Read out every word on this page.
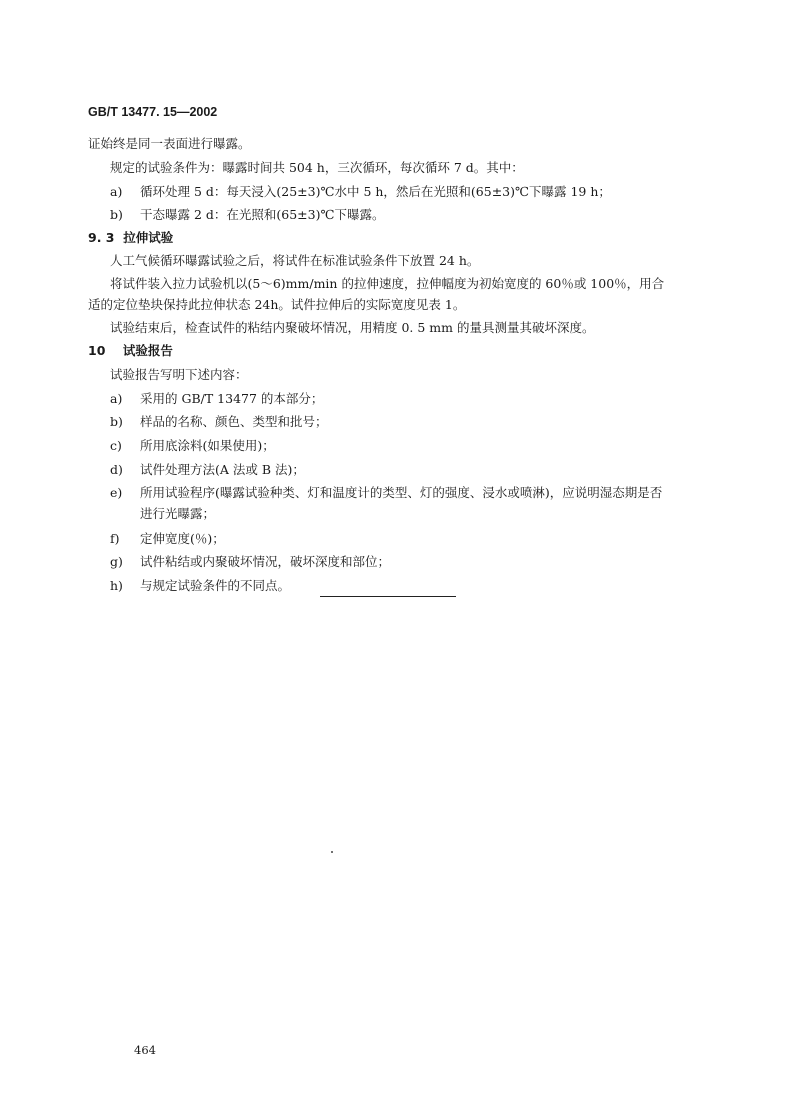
GB/T 13477. 15—2002
证始终是同一表面进行曝露。
规定的试验条件为：曝露时间共 504 h，三次循环，每次循环 7 d。其中：
a) 循环处理 5 d：每天浸入(25±3)℃水中 5 h，然后在光照和(65±3)℃下曝露 19 h；
b) 干态曝露 2 d：在光照和(65±3)℃下曝露。
9. 3 拉伸试验
人工气候循环曝露试验之后，将试件在标准试验条件下放置 24 h。
将试件装入拉力试验机以(5～6)mm/min 的拉伸速度，拉伸幅度为初始宽度的 60％或 100％，用合
适的定位垫块保持此拉伸状态 24h。试件拉伸后的实际宽度见表 1。
试验结束后，检查试件的粘结内聚破坏情况，用精度 0. 5 mm 的量具测量其破坏深度。
10 试验报告
试验报告写明下述内容：
a) 采用的 GB/T 13477 的本部分；
b) 样品的名称、颜色、类型和批号；
c) 所用底涂料(如果使用)；
d) 试件处理方法(A 法或 B 法)；
e) 所用试验程序(曝露试验种类、灯和温度计的类型、灯的强度、浸水或喷淋)，应说明湿态期是否
进行光曝露；
f) 定伸宽度(％)；
g) 试件粘结或内聚破坏情况，破坏深度和部位；
h) 与规定试验条件的不同点。
464
